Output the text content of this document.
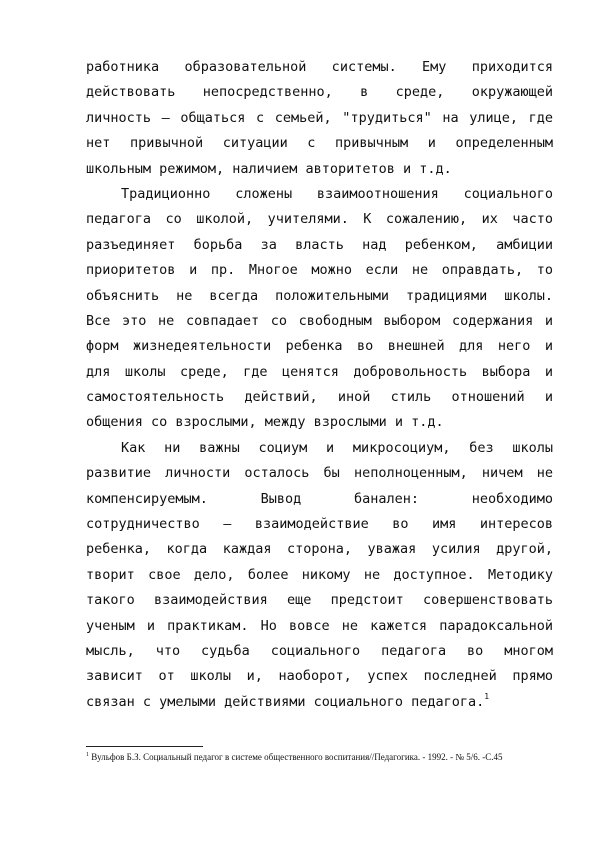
работника образовательной системы. Ему приходится
действовать непосредственно, в среде, окружающей
личность – общаться с семьей, "трудиться" на улице, где
нет привычной ситуации с привычным и определенным
школьным режимом, наличием авторитетов и т.д.
Традиционно сложены взаимоотношения социального
педагога со школой, учителями. К сожалению, их часто
разъединяет борьба за власть над ребенком, амбиции
приоритетов и пр. Многое можно если не оправдать, то
объяснить не всегда положительными традициями школы.
Все это не совпадает со свободным выбором содержания и
форм жизнедеятельности ребенка во внешней для него и
для школы среде, где ценятся добровольность выбора и
самостоятельность действий, иной стиль отношений и
общения со взрослыми, между взрослыми и т.д.
Как ни важны социум и микросоциум, без школы
развитие личности осталось бы неполноценным, ничем не
компенсируемым. Вывод банален: необходимо
сотрудничество – взаимодействие во имя интересов
ребенка, когда каждая сторона, уважая усилия другой,
творит свое дело, более никому не доступное. Методику
такого взаимодействия еще предстоит совершенствовать
ученым и практикам. Но вовсе не кажется парадоксальной
мысль, что судьба социального педагога во многом
зависит от школы и, наоборот, успех последней прямо
связан с умелыми действиями социального педагога.$^1$
$^1$ Вульфов Б.З. Социальный педагог в системе общественного воспитания//Педагогика. - 1992. - № 5/6. -С.45
